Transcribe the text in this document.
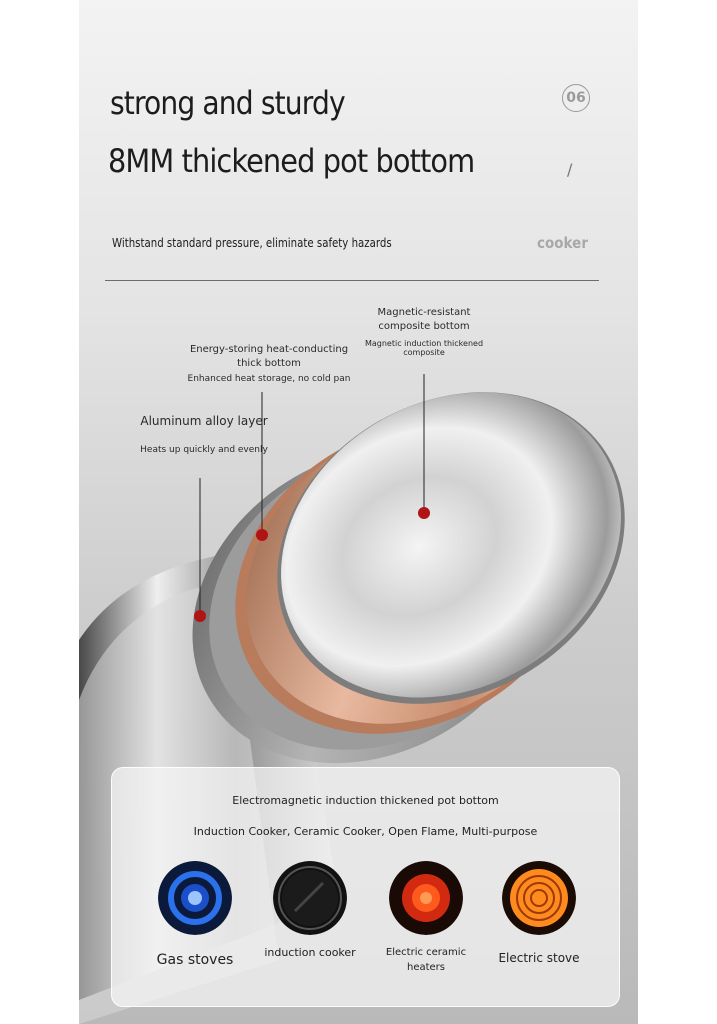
strong and sturdy
8MM thickened pot bottom
06
/
Withstand standard pressure, eliminate safety hazards	cooker
Magnetic-resistant composite bottom
Magnetic induction thickened composite
Energy-storing heat-conducting thick bottom
Enhanced heat storage, no cold pan
Aluminum alloy layer
Heats up quickly and evenly
Electromagnetic induction thickened pot bottom
Induction Cooker, Ceramic Cooker, Open Flame, Multi-purpose
Gas stoves	induction cooker	Electric ceramic heaters
Electric stove
